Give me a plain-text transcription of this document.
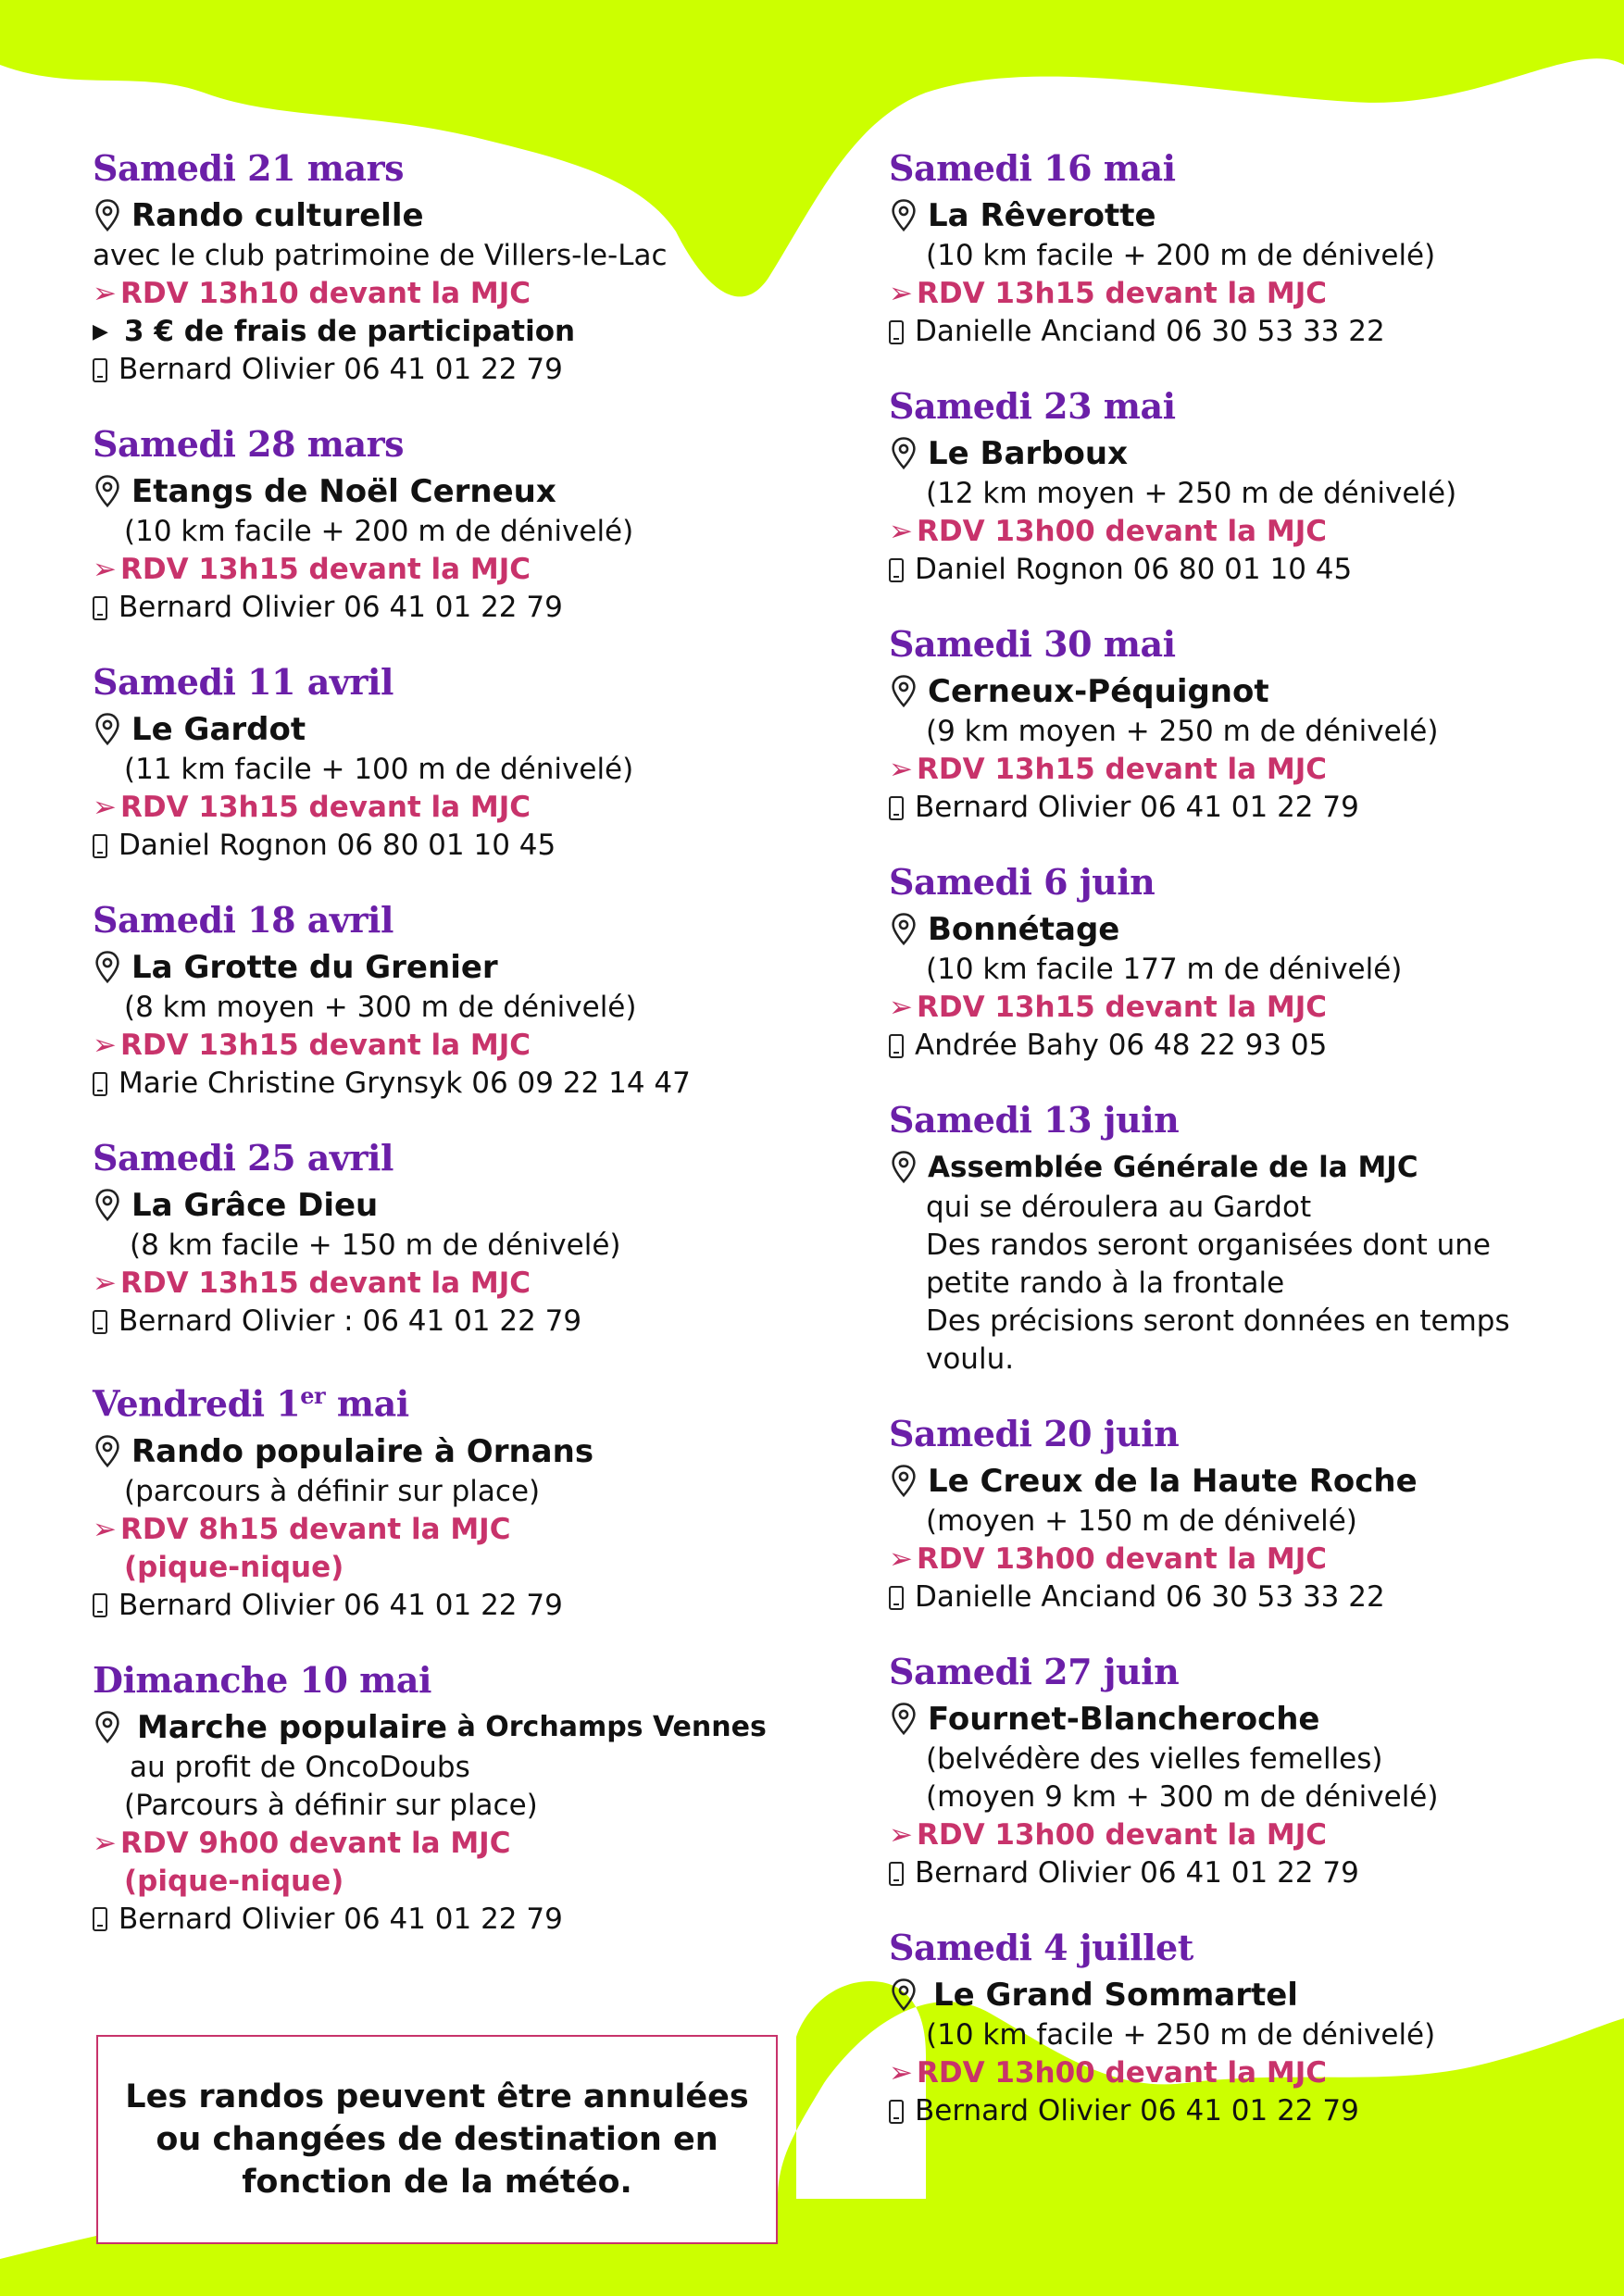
Samedi 21 mars
Rando culturelle
avec le club patrimoine de Villers-le-Lac
➢ RDV 13h10 devant la MJC
▶ 3 € de frais de participation
Bernard Olivier 06 41 01 22 79
Samedi 28 mars
Etangs de Noël Cerneux
(10 km facile + 200 m de dénivelé)
➢ RDV 13h15 devant la MJC
Bernard Olivier 06 41 01 22 79
Samedi 11 avril
Le Gardot
(11 km facile + 100 m de dénivelé)
➢ RDV 13h15 devant la MJC
Daniel Rognon 06 80 01 10 45
Samedi 18 avril
La Grotte du Grenier
(8 km moyen + 300 m de dénivelé)
➢ RDV 13h15 devant la MJC
Marie Christine Grynsyk 06 09 22 14 47
Samedi 25 avril
La Grâce Dieu
(8 km facile + 150 m de dénivelé)
➢ RDV 13h15 devant la MJC
Bernard Olivier : 06 41 01 22 79
Vendredi 1er mai
Rando populaire à Ornans
(parcours à définir sur place)
➢ RDV 8h15 devant la MJC
(pique-nique)
Bernard Olivier 06 41 01 22 79
Dimanche 10 mai
Marche populaire à Orchamps Vennes
au profit de OncoDoubs
(Parcours à définir sur place)
➢ RDV 9h00 devant la MJC
(pique-nique)
Bernard Olivier 06 41 01 22 79
Samedi 16 mai
La Rêverotte
(10 km facile + 200 m de dénivelé)
➢ RDV 13h15 devant la MJC
Danielle Anciand 06 30 53 33 22
Samedi 23 mai
Le Barboux
(12 km moyen + 250 m de dénivelé)
➢ RDV 13h00 devant la MJC
Daniel Rognon 06 80 01 10 45
Samedi 30 mai
Cerneux-Péquignot
(9 km moyen + 250 m de dénivelé)
➢ RDV 13h15 devant la MJC
Bernard Olivier 06 41 01 22 79
Samedi 6 juin
Bonnétage
(10 km facile 177 m de dénivelé)
➢ RDV 13h15 devant la MJC
Andrée Bahy 06 48 22 93 05
Samedi 13 juin
Assemblée Générale de la MJC
qui se déroulera au Gardot
Des randos seront organisées dont une
petite rando à la frontale
Des précisions seront données en temps
voulu.
Samedi 20 juin
Le Creux de la Haute Roche
(moyen + 150 m de dénivelé)
➢ RDV 13h00 devant la MJC
Danielle Anciand 06 30 53 33 22
Samedi 27 juin
Fournet-Blancheroche
(belvédère des vielles femelles)
(moyen 9 km + 300 m de dénivelé)
➢ RDV 13h00 devant la MJC
Bernard Olivier 06 41 01 22 79
Samedi 4 juillet
Le Grand Sommartel
(10 km facile + 250 m de dénivelé)
➢ RDV 13h00 devant la MJC
Bernard Olivier 06 41 01 22 79
Les randos peuvent être annulées ou changées de destination en fonction de la météo.
